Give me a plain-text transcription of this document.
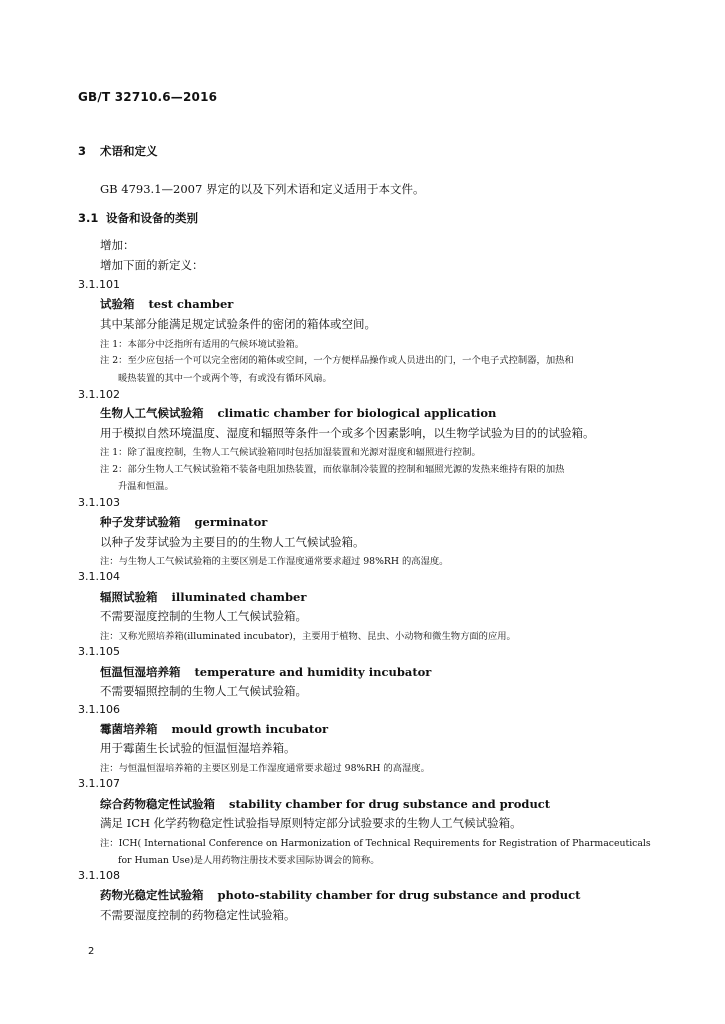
GB/T 32710.6—2016
3 术语和定义
GB 4793.1—2007 界定的以及下列术语和定义适用于本文件。
3.1 设备和设备的类别
增加：
增加下面的新定义：
3.1.101
试验箱 test chamber
其中某部分能满足规定试验条件的密闭的箱体或空间。
注 1：本部分中泛指所有适用的气候环境试验箱。
注 2：至少应包括一个可以完全密闭的箱体或空间，一个方便样品操作或人员进出的门，一个电子式控制器，加热和
暖热装置的其中一个或两个等，有或没有循环风扇。
3.1.102
生物人工气候试验箱 climatic chamber for biological application
用于模拟自然环境温度、湿度和辐照等条件一个或多个因素影响，以生物学试验为目的的试验箱。
注 1：除了温度控制，生物人工气候试验箱同时包括加湿装置和光源对湿度和辐照进行控制。
注 2：部分生物人工气候试验箱不装备电阻加热装置，而依靠制冷装置的控制和辐照光源的发热来维持有限的加热
升温和恒温。
3.1.103
种子发芽试验箱 germinator
以种子发芽试验为主要目的的生物人工气候试验箱。
注：与生物人工气候试验箱的主要区别是工作湿度通常要求超过 98%RH 的高湿度。
3.1.104
辐照试验箱 illuminated chamber
不需要湿度控制的生物人工气候试验箱。
注：又称光照培养箱(illuminated incubator)，主要用于植物、昆虫、小动物和微生物方面的应用。
3.1.105
恒温恒湿培养箱 temperature and humidity incubator
不需要辐照控制的生物人工气候试验箱。
3.1.106
霉菌培养箱 mould growth incubator
用于霉菌生长试验的恒温恒湿培养箱。
注：与恒温恒湿培养箱的主要区别是工作湿度通常要求超过 98%RH 的高湿度。
3.1.107
综合药物稳定性试验箱 stability chamber for drug substance and product
满足 ICH 化学药物稳定性试验指导原则特定部分试验要求的生物人工气候试验箱。
注：ICH( International Conference on Harmonization of Technical Requirements for Registration of Pharmaceuticals
for Human Use)是人用药物注册技术要求国际协调会的简称。
3.1.108
药物光稳定性试验箱 photo-stability chamber for drug substance and product
不需要湿度控制的药物稳定性试验箱。
2
